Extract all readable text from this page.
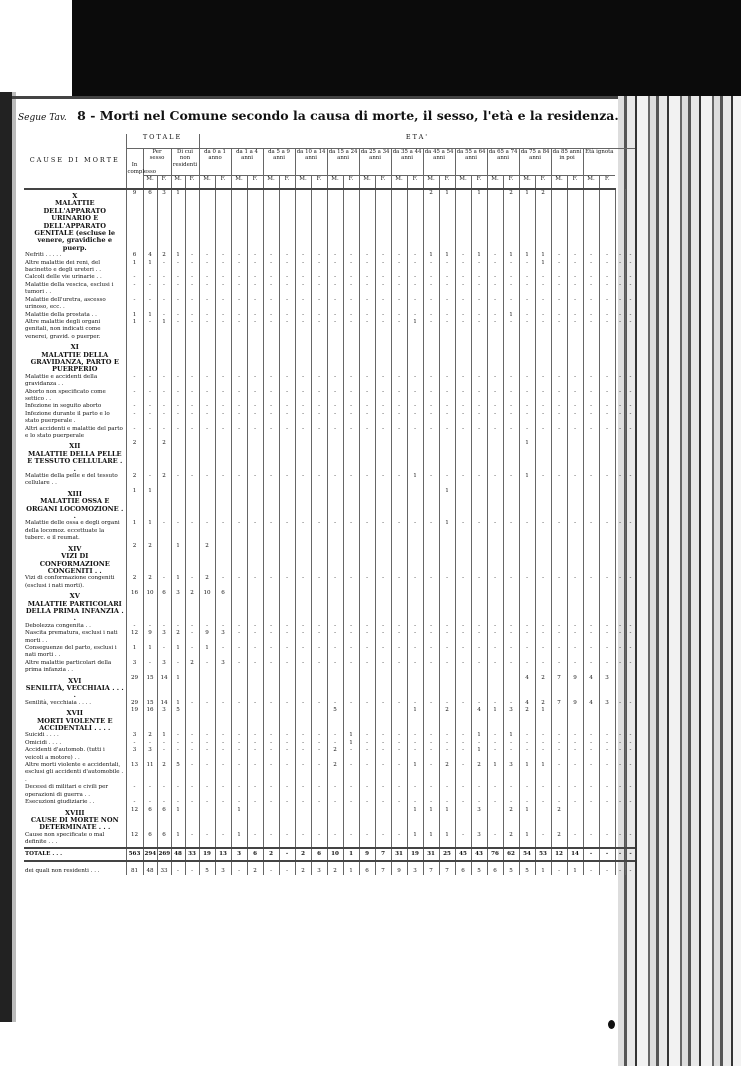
Segue Tav. 8 - Morti nel Comune secondo la causa di morte, il sesso, l'età e la residenza.
CAUSE DI MORTE	TOTALE					ETA'																											
	In complesso	Per sesso		Di cui non residenti		da 0 a 1 anno		da 1 a 4 anni		da 5 a 9 anni		da 10 a 14 anni		da 15 a 24 anni		da 25 a 34 anni		da 35 a 44 anni		da 45 a 54 anni		da 55 a 64 anni		da 65 a 74 anni		da 75 a 84 anni		da 85 anni in poi		Età ignota			
		M.	F.	M.	F.	M.	F.	M.	F.	M.	F.	M.	F.	M.	F.	M.	F.	M.	F.	M.	F.	M.	F.	M.	F.	M.	F.	M.	F.	M.	F.		
X
MALATTIE DELL'APPARATO URINARIO E DELL'APPARATO GENITALE (escluse le venere, gravidiche e puerp.	9	6	3	1																2	1		1		2	1	2						
Nefriti . . . . .	6	4	2	1	-	-	-	-	-	-	-	-	-	-	-	-	-	-	-	1	1	-	1	-	1	1	1	-	-	-	-	-	-
Altre malattie dei reni, del bacinetto e degli ureteri . .	1	1	-	-	-	-	-	-	-	-	-	-	-	-	-	-	-	-	-	-	-	-	-	-	-	-	1	-	-	-	-	-	-
Calcoli delle vie urinarie . .	-	-	-	-	-	-	-	-	-	-	-	-	-	-	-	-	-	-	-	-	-	-	-	-	-	-	-	-	-	-	-	-	-
Malattie della vescica, esclusi i tumori . .	-	-	-	-	-	-	-	-	-	-	-	-	-	-	-	-	-	-	-	-	-	-	-	-	-	-	-	-	-	-	-	-	-
Malattie dell'uretra, ascesso urinoso, ecc. .	-	-	-	-	-	-	-	-	-	-	-	-	-	-	-	-	-	-	-	-	-	-	-	-	-	-	-	-	-	-	-	-	-
Malattie della prostata . .	1	1	-	-	-	-	-	-	-	-	-	-	-	-	-	-	-	-	-	-	-	-	-	-	1	-	-	-	-	-	-	-	-
Altre malattie degli organi genitali, non indicati come venerei, gravid. o puerper.	1	-	1	-	-	-	-	-	-	-	-	-	-	-	-	-	-	-	1	-	-	-	-	-	-	-	-	-	-	-	-	-	-
XI
MALATTIE DELLA GRAVIDANZA, PARTO E PUERPERIO																																	
Malattie e accidenti della gravidanza . .	-	-	-	-	-	-	-	-	-	-	-	-	-	-	-	-	-	-	-	-	-	-	-	-	-	-	-	-	-	-	-	-	-
Aborto non specificato come settico . .	-	-	-	-	-	-	-	-	-	-	-	-	-	-	-	-	-	-	-	-	-	-	-	-	-	-	-	-	-	-	-	-	-
Infezione in seguito aborto	-	-	-	-	-	-	-	-	-	-	-	-	-	-	-	-	-	-	-	-	-	-	-	-	-	-	-	-	-	-	-	-	-
Infezione durante il parto e lo stato puerperale .	-	-	-	-	-	-	-	-	-	-	-	-	-	-	-	-	-	-	-	-	-	-	-	-	-	-	-	-	-	-	-	-	-
Altri accidenti e malattie del parto e lo stato puerperale	-	-	-	-	-	-	-	-	-	-	-	-	-	-	-	-	-	-	-	-	-	-	-	-	-	-	-	-	-	-	-	-	-
XII
MALATTIE DELLA PELLE E TESSUTO CELLULARE . .	2		2																							1							
Malattie della pelle e del tessuto cellulare . .	2	-	2	-	-	-	-	-	-	-	-	-	-	-	-	-	-	-	1	-	-	-	-	-	-	1	-	-	-	-	-	-	-
XIII
MALATTIE OSSA E ORGANI LOCOMOZIONE . .	1	1																			1												
Malattie delle ossa e degli organi della locomoz. eccettuate la tuberc. e il reumat.	1	1	-	-	-	-	-	-	-	-	-	-	-	-	-	-	-	-	-	-	1	-	-	-	-	-	-	-	-	-	-	-	-
XIV
VIZI DI CONFORMAZIONE CONGENITI . .	2	2		1		2																											
Vizi di conformazione congeniti (esclusi i nati morti).	2	2	-	1	-	2	-	-	-	-	-	-	-	-	-	-	-	-	-	-	-	-	-	-	-	-	-	-	-	-	-	-	-
XV
MALATTIE PARTICOLARI DELLA PRIMA INFANZIA . .	16	10	6	3	2	10	6																										
Debolezza congenita . .	-	-	-	-	-	-	-	-	-	-	-	-	-	-	-	-	-	-	-	-	-	-	-	-	-	-	-	-	-	-	-	-	-
Nascita prematura, esclusi i nati morti . .	12	9	3	2	-	9	3	-	-	-	-	-	-	-	-	-	-	-	-	-	-	-	-	-	-	-	-	-	-	-	-	-	-
Conseguenze del parto, esclusi i nati morti . .	1	1	-	1	-	1	-	-	-	-	-	-	-	-	-	-	-	-	-	-	-	-	-	-	-	-	-	-	-	-	-	-	-
Altre malattie particolari della prima infanzia . .	3	-	3	-	2	-	3	-	-	-	-	-	-	-	-	-	-	-	-	-	-	-	-	-	-	-	-	-	-	-	-	-	-
XVI
SENILITÀ, VECCHIAIA . . . .	29	15	14	1																						4	2	7	9	4	3		
Senilità, vecchiaia . . . .	29	15	14	1	-	-	-	-	-	-	-	-	-	-	-	-	-	-	-	-	-	-	-	-	-	4	2	7	9	4	3	-	-
XVII
MORTI VIOLENTE E ACCIDENTALI . . . .	19	16	3	5										5					1		2		4	1	3	2	1						
Suicidi . . . .	3	2	1	-	-	-	-	-	-	-	-	-	-	-	1	-	-	-	-	-	-	-	1	-	1	-	-	-	-	-	-	-	-
Omicidi . . . .	-	-	-	-	-	-	-	-	-	-	-	-	-	-	1	-	-	-	-	-	-	-	-	-	-	-	-	-	-	-	-	-	-
Accidenti d'automob. (tutti i veicoli a motore) . .	3	3	-	-	-	-	-	-	-	-	-	-	-	2	-	-	-	-	-	-	-	-	1	-	-	-	-	-	-	-	-	-	-
Altre morti violente e accidentali, esclusi gli accidenti d'automobile . .	13	11	2	5	-	-	-	-	-	-	-	-	-	2	-	-	-	-	1	-	2	-	2	1	3	1	1	-	-	-	-	-	-
Decessi di militari e civili per operazioni di guerra . .	-	-	-	-	-	-	-	-	-	-	-	-	-	-	-	-	-	-	-	-	-	-	-	-	-	-	-	-	-	-	-	-	-
Esecuzioni giudiziarie . .	-	-	-	-	-	-	-	-	-	-	-	-	-	-	-	-	-	-	-	-	-	-	-	-	-	-	-	-	-	-	-	-	-
XVIII
CAUSE DI MORTE NON DETERMINATE . . .	12	6	6	1				1											1	1	1		3		2	1		2					
Cause non specificate o mal definite . . .	12	6	6	1	-	-	-	1	-	-	-	-	-	-	-	-	-	-	1	1	1	-	3	-	2	1	-	2	-	-	-	-	-
TOTALE . . .	563	294	269	48	33	19	13	3	6	2	-	2	6	10	1	9	7	31	19	31	25	45	43	76	62	54	53	12	14	-	-	-	-
dei quali non residenti . . .	81	48	33	-	-	5	3	-	2	-	-	2	3	2	1	6	7	9	3	7	7	6	5	6	5	5	1	-	1	-	-	-	-
